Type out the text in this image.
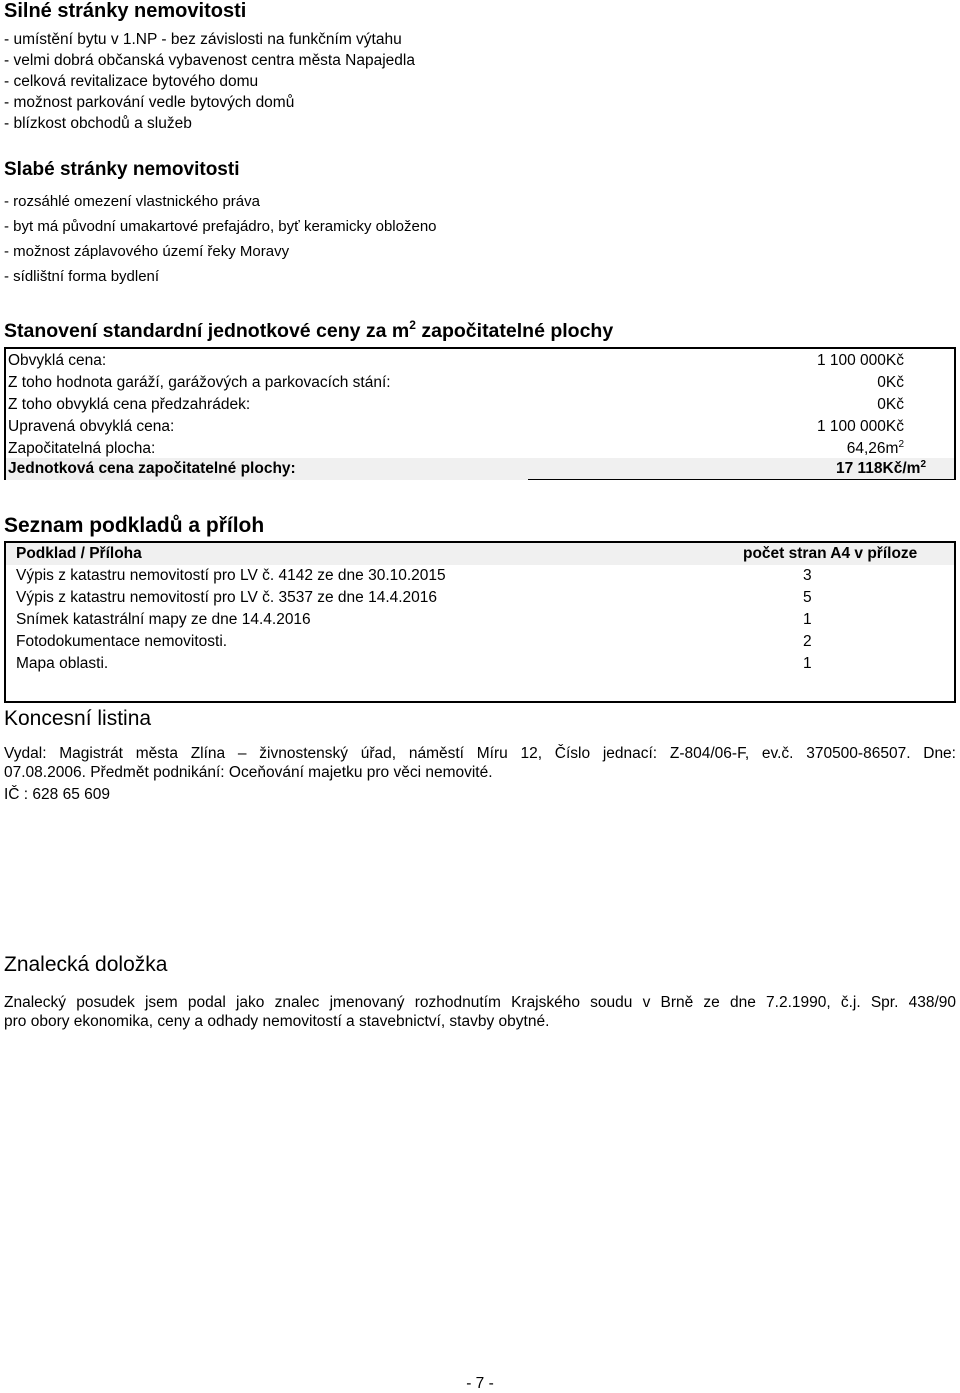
Silné stránky nemovitosti
- umístění bytu v 1.NP - bez závislosti na funkčním výtahu
- velmi dobrá občanská vybavenost centra města Napajedla
- celková revitalizace bytového domu
- možnost parkování vedle bytových domů
- blízkost obchodů a služeb
Slabé stránky nemovitosti
- rozsáhlé omezení vlastnického práva
- byt má původní umakartové prefajádro, byť keramicky obloženo
- možnost záplavového území řeky Moravy
- sídlištní forma bydlení
Stanovení standardní jednotkové ceny za $m^2$ započitatelné plochy
Obvyklá cena:	1 100 000Kč
Z toho hodnota garáží, garážových a parkovacích stání:	0Kč
Z toho obvyklá cena předzahrádek:	0Kč
Upravená obvyklá cena:	1 100 000Kč
Započitatelná plocha:	$64,26m^2$
Jednotková cena započitatelné plochy:	17 $118Kč/m^2$
Seznam podkladů a příloh
Podklad / Příloha	počet stran A4 v příloze
Výpis z katastru nemovitostí pro LV č. 4142 ze dne 30.10.2015	3
Výpis z katastru nemovitostí pro LV č. 3537 ze dne 14.4.2016	5
Snímek katastrální mapy ze dne 14.4.2016	1
Fotodokumentace nemovitosti.	2
Mapa oblasti.	1
Koncesní listina
Vydal: Magistrát města Zlína – živnostenský úřad, náměstí Míru 12, Číslo jednací: Z-804/06-F, ev.č. 370500-86507. Dne:
07.08.2006. Předmět podnikání: Oceňování majetku pro věci nemovité.
IČ : 628 65 609
Znalecká doložka
Znalecký posudek jsem podal jako znalec jmenovaný rozhodnutím Krajského soudu v Brně ze dne 7.2.1990, č.j. Spr. 438/90
pro obory ekonomika, ceny a odhady nemovitostí a stavebnictví, stavby obytné.
- 7 -
